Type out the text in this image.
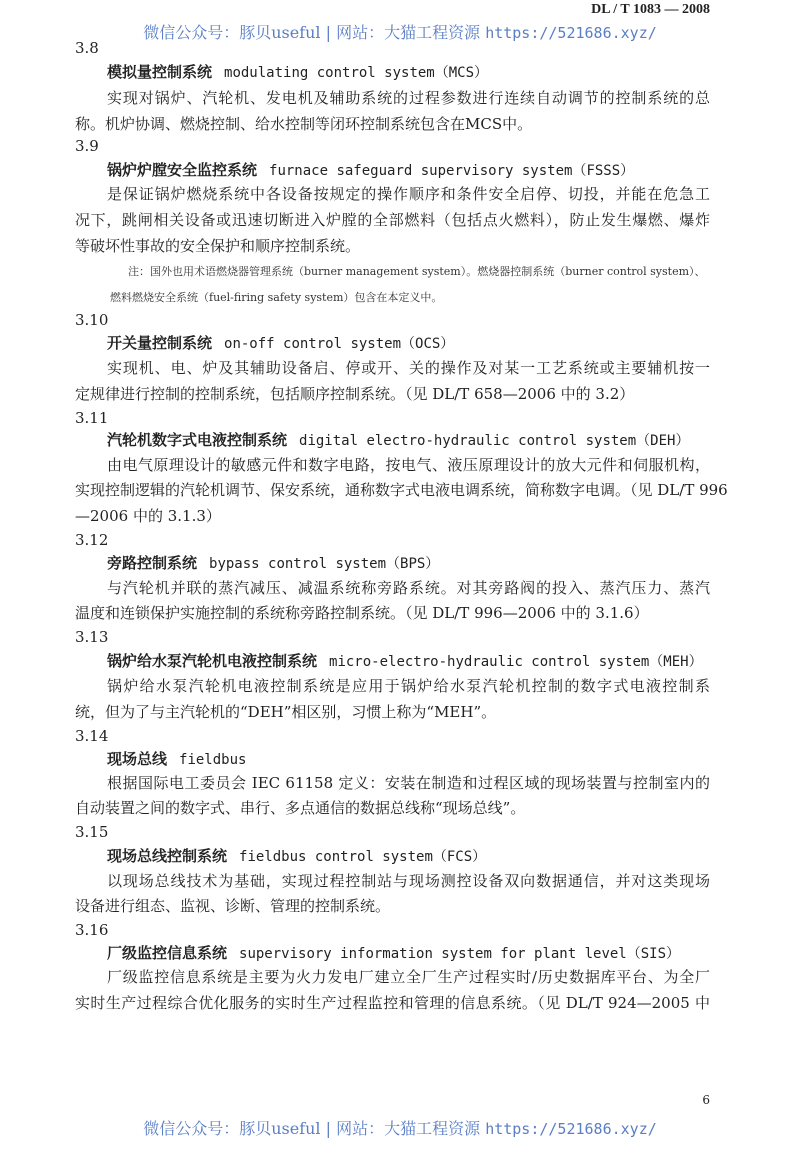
DL / T 1083 — 2008
微信公众号：豚贝useful | 网站：大猫工程资源 https://521686.xyz/
3.8
模拟量控制系统 modulating control system（MCS）
实现对锅炉、汽轮机、发电机及辅助系统的过程参数进行连续自动调节的控制系统的总
称。机炉协调、燃烧控制、给水控制等闭环控制系统包含在MCS中。
3.9
锅炉炉膛安全监控系统 furnace safeguard supervisory system（FSSS）
是保证锅炉燃烧系统中各设备按规定的操作顺序和条件安全启停、切投，并能在危急工
况下，跳闸相关设备或迅速切断进入炉膛的全部燃料（包括点火燃料），防止发生爆燃、爆炸
等破坏性事故的安全保护和顺序控制系统。
注：国外也用术语燃烧器管理系统（burner management system）。燃烧器控制系统（burner control system）、
燃料燃烧安全系统（fuel-firing safety system）包含在本定义中。
3.10
开关量控制系统 on-off control system（OCS）
实现机、电、炉及其辅助设备启、停或开、关的操作及对某一工艺系统或主要辅机按一
定规律进行控制的控制系统，包括顺序控制系统。（见 DL/T 658—2006 中的 3.2）
3.11
汽轮机数字式电液控制系统 digital electro-hydraulic control system（DEH）
由电气原理设计的敏感元件和数字电路，按电气、液压原理设计的放大元件和伺服机构，
实现控制逻辑的汽轮机调节、保安系统，通称数字式电液电调系统，简称数字电调。（见 DL/T 996
—2006 中的 3.1.3）
3.12
旁路控制系统 bypass control system（BPS）
与汽轮机并联的蒸汽减压、减温系统称旁路系统。对其旁路阀的投入、蒸汽压力、蒸汽
温度和连锁保护实施控制的系统称旁路控制系统。（见 DL/T 996—2006 中的 3.1.6）
3.13
锅炉给水泵汽轮机电液控制系统 micro-electro-hydraulic control system（MEH）
锅炉给水泵汽轮机电液控制系统是应用于锅炉给水泵汽轮机控制的数字式电液控制系
统，但为了与主汽轮机的“DEH”相区别，习惯上称为“MEH”。
3.14
现场总线 fieldbus
根据国际电工委员会 IEC 61158 定义：安装在制造和过程区域的现场装置与控制室内的
自动装置之间的数字式、串行、多点通信的数据总线称“现场总线”。
3.15
现场总线控制系统 fieldbus control system（FCS）
以现场总线技术为基础，实现过程控制站与现场测控设备双向数据通信，并对这类现场
设备进行组态、监视、诊断、管理的控制系统。
3.16
厂级监控信息系统 supervisory information system for plant level（SIS）
厂级监控信息系统是主要为火力发电厂建立全厂生产过程实时/历史数据库平台、为全厂
实时生产过程综合优化服务的实时生产过程监控和管理的信息系统。（见 DL/T 924—2005 中
6
微信公众号：豚贝useful | 网站：大猫工程资源 https://521686.xyz/
